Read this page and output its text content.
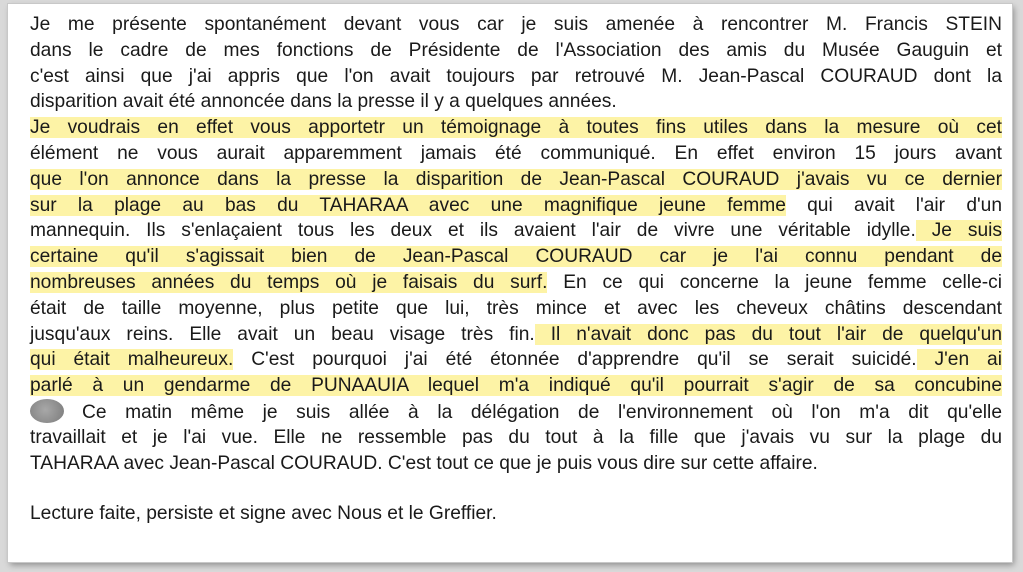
Je me présente spontanément devant vous car je suis amenée à rencontrer M. Francis STEIN
dans le cadre de mes fonctions de Présidente de l'Association des amis du Musée Gauguin et
c'est ainsi que j'ai appris que l'on avait toujours par retrouvé M. Jean-Pascal COURAUD dont la
disparition avait été annoncée dans la presse il y a quelques années.
Je voudrais en effet vous apportetr un témoignage à toutes fins utiles dans la mesure où cet
élément ne vous aurait apparemment jamais été communiqué. En effet environ 15 jours avant
que l'on annonce dans la presse la disparition de Jean-Pascal COURAUD j'avais vu ce dernier
sur la plage au bas du TAHARAA avec une magnifique jeune femme qui avait l'air d'un
mannequin. Ils s'enlaçaient tous les deux et ils avaient l'air de vivre une véritable idylle. Je suis
certaine qu'il s'agissait bien de Jean-Pascal COURAUD car je l'ai connu pendant de
nombreuses années du temps où je faisais du surf. En ce qui concerne la jeune femme celle-ci
était de taille moyenne, plus petite que lui, très mince et avec les cheveux châtins descendant
jusqu'aux reins. Elle avait un beau visage très fin. Il n'avait donc pas du tout l'air de quelqu'un
qui était malheureux. C'est pourquoi j'ai été étonnée d'apprendre qu'il se serait suicidé. J'en ai
parlé à un gendarme de PUNAAUIA lequel m'a indiqué qu'il pourrait s'agir de sa concubine
Ce matin même je suis allée à la délégation de l'environnement où l'on m'a dit qu'elle
travaillait et je l'ai vue. Elle ne ressemble pas du tout à la fille que j'avais vu sur la plage du
TAHARAA avec Jean-Pascal COURAUD. C'est tout ce que je puis vous dire sur cette affaire.
Lecture faite, persiste et signe avec Nous et le Greffier.
